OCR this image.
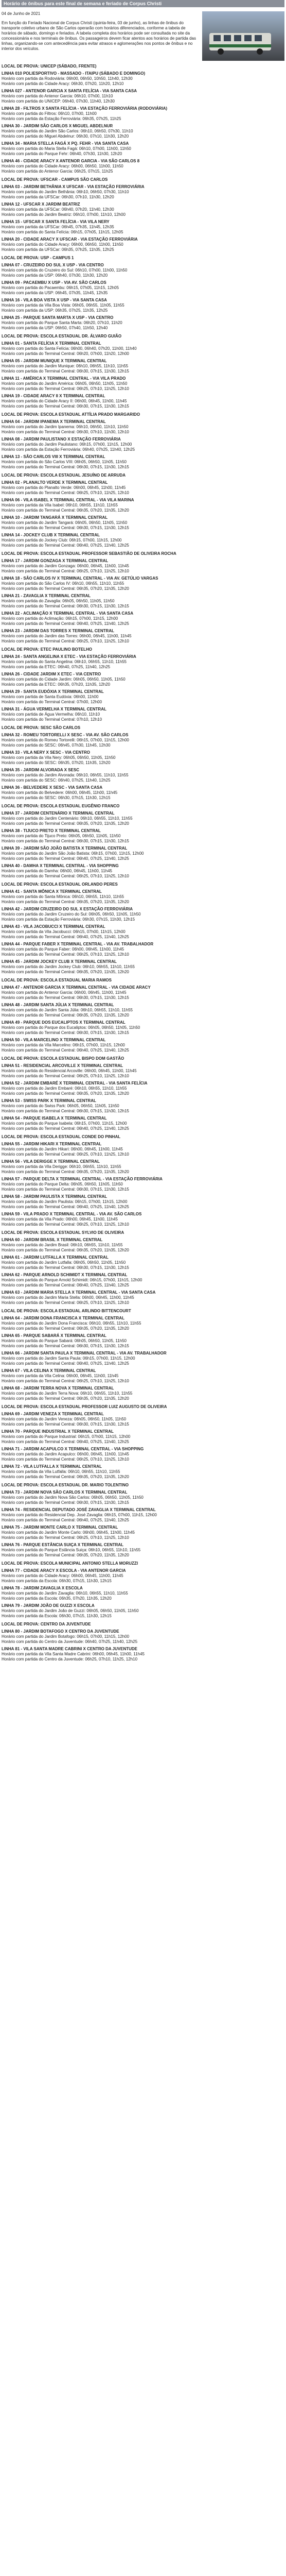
Horário de ônibus para este final de semana e feriado de Corpus Christi
04 de Junho de 2021
Em função do Feriado Nacional de Corpus Christi (quinta-feira, 03 de junho), as linhas de ônibus do transporte coletivo urbano de São Carlos operarão com horários diferenciados, conforme a tabela de horários de sábado, domingo e feriados. A tabela completa dos horários pode ser consultada no site da concessionária e nos terminais de ônibus. Os passageiros devem ficar atentos aos horários de partida das linhas, organizando-se com antecedência para evitar atrasos e aglomerações nos pontos de ônibus e no interior dos veículos.
LOCAL DE PROVA: UNICEP (SÁBADO, FRENTE)
LINHA 010 POLIESPORTIVO - MASSADO - ITAIPU (SÁBADO E DOMINGO)
Horário com partida da Rodoviária: 06h00, 06h50, 10h50, 11h40, 12h30
Horário com partida do Cidade Aracy: 06h30, 07h20, 11h20, 12h10
LINHA 027 - ANTENOR GARCIA X SANTA FELÍCIA - VIA SANTA CASA
Horário com partida do Antenor Garcia: 06h10, 07h00, 11h10
Horário com partida do UNICEP: 06h40, 07h30, 11h40, 12h30
LINHA 28 - FILTROS X SANTA FELÍCIA - VIA ESTAÇÃO FERROVIÁRIA (RODOVIÁRIA)
Horário com partida do Filtros: 06h10, 07h00, 11h00
Horário com partida da Estação Ferroviária: 06h35, 07h25, 11h25
LINHA 30 - JARDIM SÃO CARLOS X MIGUEL ABDELNUR
Horário com partida do Jardim São Carlos: 06h10, 06h50, 07h30, 11h10
Horário com partida do Miguel Abdelnur: 06h30, 07h10, 11h30, 12h20
LINHA 34 - MARIA STELLA FAGÁ X PQ. FEHR - VIA SANTA CASA
Horário com partida do Maria Stella Fagá: 06h10, 07h00, 11h00, 11h50
Horário com partida do Parque Fehr: 06h40, 07h30, 11h30, 12h20
LINHA 46 - CIDADE ARACY X ANTENOR GARCIA - VIA SÃO CARLOS 8
Horário com partida do Cidade Aracy: 06h00, 06h50, 11h00, 11h50
Horário com partida do Antenor Garcia: 06h25, 07h15, 11h25
LOCAL DE PROVA: UFSCAR - CAMPUS SÃO CARLOS
LINHA 03 - JARDIM BETHÂNIA X UFSCAR - VIA ESTAÇÃO FERROVIÁRIA
Horário com partida do Jardim Bethânia: 06h10, 06h50, 07h30, 11h10
Horário com partida da UFSCar: 06h30, 07h10, 11h30, 12h20
LINHA 12 - UFSCAR X JARDIM BEATRIZ
Horário com partida da UFSCar: 06h40, 07h20, 11h40, 12h30
Horário com partida do Jardim Beatriz: 06h10, 07h00, 11h10, 12h00
LINHA 15 - UFSCAR X SANTA FELÍCIA - VIA VILA NERY
Horário com partida da UFSCar: 06h45, 07h35, 11h45, 12h35
Horário com partida do Santa Felícia: 06h15, 07h05, 11h15, 12h05
LINHA 20 - CIDADE ARACY X UFSCAR - VIA ESTAÇÃO FERROVIÁRIA
Horário com partida do Cidade Aracy: 06h00, 06h50, 11h00, 11h50
Horário com partida da UFSCar: 06h35, 07h25, 11h35, 12h25
LOCAL DE PROVA: USP - CAMPUS 1
LINHA 07 - CRUZEIRO DO SUL X USP - VIA CENTRO
Horário com partida do Cruzeiro do Sul: 06h10, 07h00, 11h00, 11h50
Horário com partida da USP: 06h40, 07h30, 11h30, 12h20
LINHA 09 - PACAEMBU X USP - VIA AV. SÃO CARLOS
Horário com partida do Pacaembu: 06h15, 07h05, 11h15, 12h05
Horário com partida da USP: 06h45, 07h35, 11h45, 12h35
LINHA 16 - VILA BOA VISTA X USP - VIA SANTA CASA
Horário com partida da Vila Boa Vista: 06h05, 06h55, 11h05, 11h55
Horário com partida da USP: 06h35, 07h25, 11h35, 12h25
LINHA 25 - PARQUE SANTA MARTA X USP - VIA CENTRO
Horário com partida do Parque Santa Marta: 06h20, 07h10, 11h20
Horário com partida da USP: 06h50, 07h40, 11h50, 12h40
LOCAL DE PROVA: ESCOLA ESTADUAL DR. ÁLVARO GUIÃO
LINHA 01 - SANTA FELÍCIA X TERMINAL CENTRAL
Horário com partida do Santa Felícia: 06h00, 06h40, 07h20, 11h00, 11h40
Horário com partida do Terminal Central: 06h20, 07h00, 11h20, 12h00
LINHA 05 - JARDIM MUNIQUE X TERMINAL CENTRAL
Horário com partida do Jardim Munique: 06h10, 06h55, 11h10, 11h55
Horário com partida do Terminal Central: 06h30, 07h15, 11h30, 12h15
LINHA 11 - AMÉRICA X TERMINAL CENTRAL - VIA VILA PRADO
Horário com partida do Jardim América: 06h05, 06h50, 11h05, 11h50
Horário com partida do Terminal Central: 06h25, 07h10, 11h25, 12h10
LINHA 19 - CIDADE ARACY II X TERMINAL CENTRAL
Horário com partida do Cidade Aracy II: 06h00, 06h45, 11h00, 11h45
Horário com partida do Terminal Central: 06h30, 07h15, 11h30, 12h15
LOCAL DE PROVA: ESCOLA ESTADUAL ATTÍLIA PRADO MARGARIDO
LINHA 04 - JARDIM IPANEMA X TERMINAL CENTRAL
Horário com partida do Jardim Ipanema: 06h10, 06h50, 11h10, 11h50
Horário com partida do Terminal Central: 06h30, 07h10, 11h30, 12h10
LINHA 08 - JARDIM PAULISTANO X ESTAÇÃO FERROVIÁRIA
Horário com partida do Jardim Paulistano: 06h15, 07h00, 11h15, 12h00
Horário com partida da Estação Ferroviária: 06h40, 07h25, 11h40, 12h25
LINHA 13 - SÃO CARLOS VIII X TERMINAL CENTRAL
Horário com partida do São Carlos VIII: 06h05, 06h50, 11h05, 11h50
Horário com partida do Terminal Central: 06h30, 07h15, 11h30, 12h15
LOCAL DE PROVA: ESCOLA ESTADUAL JESUÍNO DE ARRUDA
LINHA 02 - PLANALTO VERDE X TERMINAL CENTRAL
Horário com partida do Planalto Verde: 06h00, 06h45, 11h00, 11h45
Horário com partida do Terminal Central: 06h25, 07h10, 11h25, 12h10
LINHA 06 - VILA ISABEL X TERMINAL CENTRAL - VIA VILA MARINA
Horário com partida da Vila Isabel: 06h10, 06h55, 11h10, 11h55
Horário com partida do Terminal Central: 06h35, 07h20, 11h35, 12h20
LINHA 10 - JARDIM TANGARÁ X TERMINAL CENTRAL
Horário com partida do Jardim Tangará: 06h05, 06h50, 11h05, 11h50
Horário com partida do Terminal Central: 06h30, 07h15, 11h30, 12h15
LINHA 14 - JOCKEY CLUB X TERMINAL CENTRAL
Horário com partida do Jockey Club: 06h15, 07h00, 11h15, 12h00
Horário com partida do Terminal Central: 06h40, 07h25, 11h40, 12h25
LOCAL DE PROVA: ESCOLA ESTADUAL PROFESSOR SEBASTIÃO DE OLIVEIRA ROCHA
LINHA 17 - JARDIM GONZAGA X TERMINAL CENTRAL
Horário com partida do Jardim Gonzaga: 06h00, 06h45, 11h00, 11h45
Horário com partida do Terminal Central: 06h25, 07h10, 11h25, 12h10
LINHA 18 - SÃO CARLOS IV X TERMINAL CENTRAL - VIA AV. GETÚLIO VARGAS
Horário com partida do São Carlos IV: 06h10, 06h55, 11h10, 11h55
Horário com partida do Terminal Central: 06h35, 07h20, 11h35, 12h20
LINHA 21 - ZAVAGLIA X TERMINAL CENTRAL
Horário com partida do Zavaglia: 06h05, 06h50, 11h05, 11h50
Horário com partida do Terminal Central: 06h30, 07h15, 11h30, 12h15
LINHA 22 - ACLIMAÇÃO X TERMINAL CENTRAL - VIA SANTA CASA
Horário com partida do Aclimação: 06h15, 07h00, 11h15, 12h00
Horário com partida do Terminal Central: 06h40, 07h25, 11h40, 12h25
LINHA 23 - JARDIM DAS TORRES X TERMINAL CENTRAL
Horário com partida do Jardim das Torres: 06h00, 06h45, 11h00, 11h45
Horário com partida do Terminal Central: 06h25, 07h10, 11h25, 12h10
LOCAL DE PROVA: ETEC PAULINO BOTELHO
LINHA 24 - SANTA ANGELINA X ETEC - VIA ESTAÇÃO FERROVIÁRIA
Horário com partida do Santa Angelina: 06h10, 06h55, 11h10, 11h55
Horário com partida da ETEC: 06h40, 07h25, 11h40, 12h25
LINHA 26 - CIDADE JARDIM X ETEC - VIA CENTRO
Horário com partida do Cidade Jardim: 06h05, 06h50, 11h05, 11h50
Horário com partida da ETEC: 06h35, 07h20, 11h35, 12h20
LINHA 29 - SANTA EUDÓXIA X TERMINAL CENTRAL
Horário com partida de Santa Eudóxia: 06h00, 11h00
Horário com partida do Terminal Central: 07h00, 12h00
LINHA 31 - ÁGUA VERMELHA X TERMINAL CENTRAL
Horário com partida de Água Vermelha: 06h10, 11h10
Horário com partida do Terminal Central: 07h10, 12h10
LOCAL DE PROVA: SESC SÃO CARLOS
LINHA 32 - ROMEU TORTORELLI X SESC - VIA AV. SÃO CARLOS
Horário com partida do Romeu Tortorelli: 06h15, 07h00, 11h15, 12h00
Horário com partida do SESC: 06h45, 07h30, 11h45, 12h30
LINHA 33 - VILA NERY X SESC - VIA CENTRO
Horário com partida da Vila Nery: 06h05, 06h50, 11h05, 11h50
Horário com partida do SESC: 06h35, 07h20, 11h35, 12h20
LINHA 35 - JARDIM ALVORADA X SESC
Horário com partida do Jardim Alvorada: 06h10, 06h55, 11h10, 11h55
Horário com partida do SESC: 06h40, 07h25, 11h40, 12h25
LINHA 36 - BELVEDERE X SESC - VIA SANTA CASA
Horário com partida do Belvedere: 06h00, 06h45, 11h00, 11h45
Horário com partida do SESC: 06h30, 07h15, 11h30, 12h15
LOCAL DE PROVA: ESCOLA ESTADUAL EUGÊNIO FRANCO
LINHA 37 - JARDIM CENTENÁRIO X TERMINAL CENTRAL
Horário com partida do Jardim Centenário: 06h10, 06h55, 11h10, 11h55
Horário com partida do Terminal Central: 06h35, 07h20, 11h35, 12h20
LINHA 38 - TIJUCO PRETO X TERMINAL CENTRAL
Horário com partida do Tijuco Preto: 06h05, 06h50, 11h05, 11h50
Horário com partida do Terminal Central: 06h30, 07h15, 11h30, 12h15
LINHA 39 - JARDIM SÃO JOÃO BATISTA X TERMINAL CENTRAL
Horário com partida do Jardim São João Batista: 06h15, 07h00, 11h15, 12h00
Horário com partida do Terminal Central: 06h40, 07h25, 11h40, 12h25
LINHA 40 - DAMHA X TERMINAL CENTRAL - VIA SHOPPING
Horário com partida do Damha: 06h00, 06h45, 11h00, 11h45
Horário com partida do Terminal Central: 06h25, 07h10, 11h25, 12h10
LOCAL DE PROVA: ESCOLA ESTADUAL ORLANDO PERES
LINHA 41 - SANTA MÔNICA X TERMINAL CENTRAL
Horário com partida do Santa Mônica: 06h10, 06h55, 11h10, 11h55
Horário com partida do Terminal Central: 06h35, 07h20, 11h35, 12h20
LINHA 42 - JARDIM CRUZEIRO DO SUL X ESTAÇÃO FERROVIÁRIA
Horário com partida do Jardim Cruzeiro do Sul: 06h05, 06h50, 11h05, 11h50
Horário com partida da Estação Ferroviária: 06h30, 07h15, 11h30, 12h15
LINHA 43 - VILA JACOBUCCI X TERMINAL CENTRAL
Horário com partida da Vila Jacobucci: 06h15, 07h00, 11h15, 12h00
Horário com partida do Terminal Central: 06h40, 07h25, 11h40, 12h25
LINHA 44 - PARQUE FABER X TERMINAL CENTRAL - VIA AV. TRABALHADOR
Horário com partida do Parque Faber: 06h00, 06h45, 11h00, 11h45
Horário com partida do Terminal Central: 06h25, 07h10, 11h25, 12h10
LINHA 45 - JARDIM JOCKEY CLUB X TERMINAL CENTRAL
Horário com partida do Jardim Jockey Club: 06h10, 06h55, 11h10, 11h55
Horário com partida do Terminal Central: 06h35, 07h20, 11h35, 12h20
LOCAL DE PROVA: ESCOLA ESTADUAL MARIA RAMOS
LINHA 47 - ANTENOR GARCIA X TERMINAL CENTRAL - VIA CIDADE ARACY
Horário com partida do Antenor Garcia: 06h00, 06h45, 11h00, 11h45
Horário com partida do Terminal Central: 06h30, 07h15, 11h30, 12h15
LINHA 48 - JARDIM SANTA JÚLIA X TERMINAL CENTRAL
Horário com partida do Jardim Santa Júlia: 06h10, 06h55, 11h10, 11h55
Horário com partida do Terminal Central: 06h35, 07h20, 11h35, 12h20
LINHA 49 - PARQUE DOS EUCALIPTOS X TERMINAL CENTRAL
Horário com partida do Parque dos Eucaliptos: 06h05, 06h50, 11h05, 11h50
Horário com partida do Terminal Central: 06h30, 07h15, 11h30, 12h15
LINHA 50 - VILA MARCELINO X TERMINAL CENTRAL
Horário com partida da Vila Marcelino: 06h15, 07h00, 11h15, 12h00
Horário com partida do Terminal Central: 06h40, 07h25, 11h40, 12h25
LOCAL DE PROVA: ESCOLA ESTADUAL BISPO DOM GASTÃO
LINHA 51 - RESIDENCIAL ARCOVILLE X TERMINAL CENTRAL
Horário com partida do Residencial Arcoville: 06h00, 06h45, 11h00, 11h45
Horário com partida do Terminal Central: 06h25, 07h10, 11h25, 12h10
LINHA 52 - JARDIM EMBARÉ X TERMINAL CENTRAL - VIA SANTA FELÍCIA
Horário com partida do Jardim Embaré: 06h10, 06h55, 11h10, 11h55
Horário com partida do Terminal Central: 06h35, 07h20, 11h35, 12h20
LINHA 53 - SWISS PARK X TERMINAL CENTRAL
Horário com partida do Swiss Park: 06h05, 06h50, 11h05, 11h50
Horário com partida do Terminal Central: 06h30, 07h15, 11h30, 12h15
LINHA 54 - PARQUE ISABELA X TERMINAL CENTRAL
Horário com partida do Parque Isabela: 06h15, 07h00, 11h15, 12h00
Horário com partida do Terminal Central: 06h40, 07h25, 11h40, 12h25
LOCAL DE PROVA: ESCOLA ESTADUAL CONDE DO PINHAL
LINHA 55 - JARDIM HIKARI X TERMINAL CENTRAL
Horário com partida do Jardim Hikari: 06h00, 06h45, 11h00, 11h45
Horário com partida do Terminal Central: 06h25, 07h10, 11h25, 12h10
LINHA 56 - VILA DERIGGE X TERMINAL CENTRAL
Horário com partida da Vila Derigge: 06h10, 06h55, 11h10, 11h55
Horário com partida do Terminal Central: 06h35, 07h20, 11h35, 12h20
LINHA 57 - PARQUE DELTA X TERMINAL CENTRAL - VIA ESTAÇÃO FERROVIÁRIA
Horário com partida do Parque Delta: 06h05, 06h50, 11h05, 11h50
Horário com partida do Terminal Central: 06h30, 07h15, 11h30, 12h15
LINHA 58 - JARDIM PAULISTA X TERMINAL CENTRAL
Horário com partida do Jardim Paulista: 06h15, 07h00, 11h15, 12h00
Horário com partida do Terminal Central: 06h40, 07h25, 11h40, 12h25
LINHA 59 - VILA PRADO X TERMINAL CENTRAL - VIA AV. SÃO CARLOS
Horário com partida da Vila Prado: 06h00, 06h45, 11h00, 11h45
Horário com partida do Terminal Central: 06h25, 07h10, 11h25, 12h10
LOCAL DE PROVA: ESCOLA ESTADUAL SYLVIO DE OLIVEIRA
LINHA 60 - JARDIM BRASIL X TERMINAL CENTRAL
Horário com partida do Jardim Brasil: 06h10, 06h55, 11h10, 11h55
Horário com partida do Terminal Central: 06h35, 07h20, 11h35, 12h20
LINHA 61 - JARDIM LUTFALLA X TERMINAL CENTRAL
Horário com partida do Jardim Lutfalla: 06h05, 06h50, 11h05, 11h50
Horário com partida do Terminal Central: 06h30, 07h15, 11h30, 12h15
LINHA 62 - PARQUE ARNOLD SCHIMIDT X TERMINAL CENTRAL
Horário com partida do Parque Arnold Schimidt: 06h15, 07h00, 11h15, 12h00
Horário com partida do Terminal Central: 06h40, 07h25, 11h40, 12h25
LINHA 63 - JARDIM MARIA STELLA X TERMINAL CENTRAL - VIA SANTA CASA
Horário com partida do Jardim Maria Stella: 06h00, 06h45, 11h00, 11h45
Horário com partida do Terminal Central: 06h25, 07h10, 11h25, 12h10
LOCAL DE PROVA: ESCOLA ESTADUAL ARLINDO BITTENCOURT
LINHA 64 - JARDIM DONA FRANCISCA X TERMINAL CENTRAL
Horário com partida do Jardim Dona Francisca: 06h10, 06h55, 11h10, 11h55
Horário com partida do Terminal Central: 06h35, 07h20, 11h35, 12h20
LINHA 65 - PARQUE SABARÁ X TERMINAL CENTRAL
Horário com partida do Parque Sabará: 06h05, 06h50, 11h05, 11h50
Horário com partida do Terminal Central: 06h30, 07h15, 11h30, 12h15
LINHA 66 - JARDIM SANTA PAULA X TERMINAL CENTRAL - VIA AV. TRABALHADOR
Horário com partida do Jardim Santa Paula: 06h15, 07h00, 11h15, 12h00
Horário com partida do Terminal Central: 06h40, 07h25, 11h40, 12h25
LINHA 67 - VILA CELINA X TERMINAL CENTRAL
Horário com partida da Vila Celina: 06h00, 06h45, 11h00, 11h45
Horário com partida do Terminal Central: 06h25, 07h10, 11h25, 12h10
LINHA 68 - JARDIM TERRA NOVA X TERMINAL CENTRAL
Horário com partida do Jardim Terra Nova: 06h10, 06h55, 11h10, 11h55
Horário com partida do Terminal Central: 06h35, 07h20, 11h35, 12h20
LOCAL DE PROVA: ESCOLA ESTADUAL PROFESSOR LUIZ AUGUSTO DE OLIVEIRA
LINHA 69 - JARDIM VENEZA X TERMINAL CENTRAL
Horário com partida do Jardim Veneza: 06h05, 06h50, 11h05, 11h50
Horário com partida do Terminal Central: 06h30, 07h15, 11h30, 12h15
LINHA 70 - PARQUE INDUSTRIAL X TERMINAL CENTRAL
Horário com partida do Parque Industrial: 06h15, 07h00, 11h15, 12h00
Horário com partida do Terminal Central: 06h40, 07h25, 11h40, 12h25
LINHA 71 - JARDIM ACAPULCO X TERMINAL CENTRAL - VIA SHOPPING
Horário com partida do Jardim Acapulco: 06h00, 06h45, 11h00, 11h45
Horário com partida do Terminal Central: 06h25, 07h10, 11h25, 12h10
LINHA 72 - VILA LUTFALLA X TERMINAL CENTRAL
Horário com partida da Vila Lutfalla: 06h10, 06h55, 11h10, 11h55
Horário com partida do Terminal Central: 06h35, 07h20, 11h35, 12h20
LOCAL DE PROVA: ESCOLA ESTADUAL DR. MARIO TOLENTINO
LINHA 73 - JARDIM NOVA SÃO CARLOS X TERMINAL CENTRAL
Horário com partida do Jardim Nova São Carlos: 06h05, 06h50, 11h05, 11h50
Horário com partida do Terminal Central: 06h30, 07h15, 11h30, 12h15
LINHA 74 - RESIDENCIAL DEPUTADO JOSÉ ZAVAGLIA X TERMINAL CENTRAL
Horário com partida do Residencial Dep. José Zavaglia: 06h15, 07h00, 11h15, 12h00
Horário com partida do Terminal Central: 06h40, 07h25, 11h40, 12h25
LINHA 75 - JARDIM MONTE CARLO X TERMINAL CENTRAL
Horário com partida do Jardim Monte Carlo: 06h00, 06h45, 11h00, 11h45
Horário com partida do Terminal Central: 06h25, 07h10, 11h25, 12h10
LINHA 76 - PARQUE ESTÂNCIA SUIÇA X TERMINAL CENTRAL
Horário com partida do Parque Estância Suiça: 06h10, 06h55, 11h10, 11h55
Horário com partida do Terminal Central: 06h35, 07h20, 11h35, 12h20
LOCAL DE PROVA: ESCOLA MUNICIPAL ANTONIO STELLA MORUZZI
LINHA 77 - CIDADE ARACY X ESCOLA - VIA ANTENOR GARCIA
Horário com partida do Cidade Aracy: 06h00, 06h45, 11h00, 11h45
Horário com partida da Escola: 06h30, 07h15, 11h30, 12h15
LINHA 78 - JARDIM ZAVAGLIA X ESCOLA
Horário com partida do Jardim Zavaglia: 06h10, 06h55, 11h10, 11h55
Horário com partida da Escola: 06h35, 07h20, 11h35, 12h20
LINHA 79 - JARDIM JOÃO DE GUZZI X ESCOLA
Horário com partida do Jardim João de Guzzi: 06h05, 06h50, 11h05, 11h50
Horário com partida da Escola: 06h30, 07h15, 11h30, 12h15
LOCAL DE PROVA: CENTRO DA JUVENTUDE
LINHA 80 - JARDIM BOTAFOGO X CENTRO DA JUVENTUDE
Horário com partida do Jardim Botafogo: 06h15, 07h00, 11h15, 12h00
Horário com partida do Centro da Juventude: 06h40, 07h25, 11h40, 12h25
LINHA 81 - VILA SANTA MADRE CABRINI X CENTRO DA JUVENTUDE
Horário com partida da Vila Santa Madre Cabrini: 06h00, 06h45, 11h00, 11h45
Horário com partida do Centro da Juventude: 06h25, 07h10, 11h25, 12h10
